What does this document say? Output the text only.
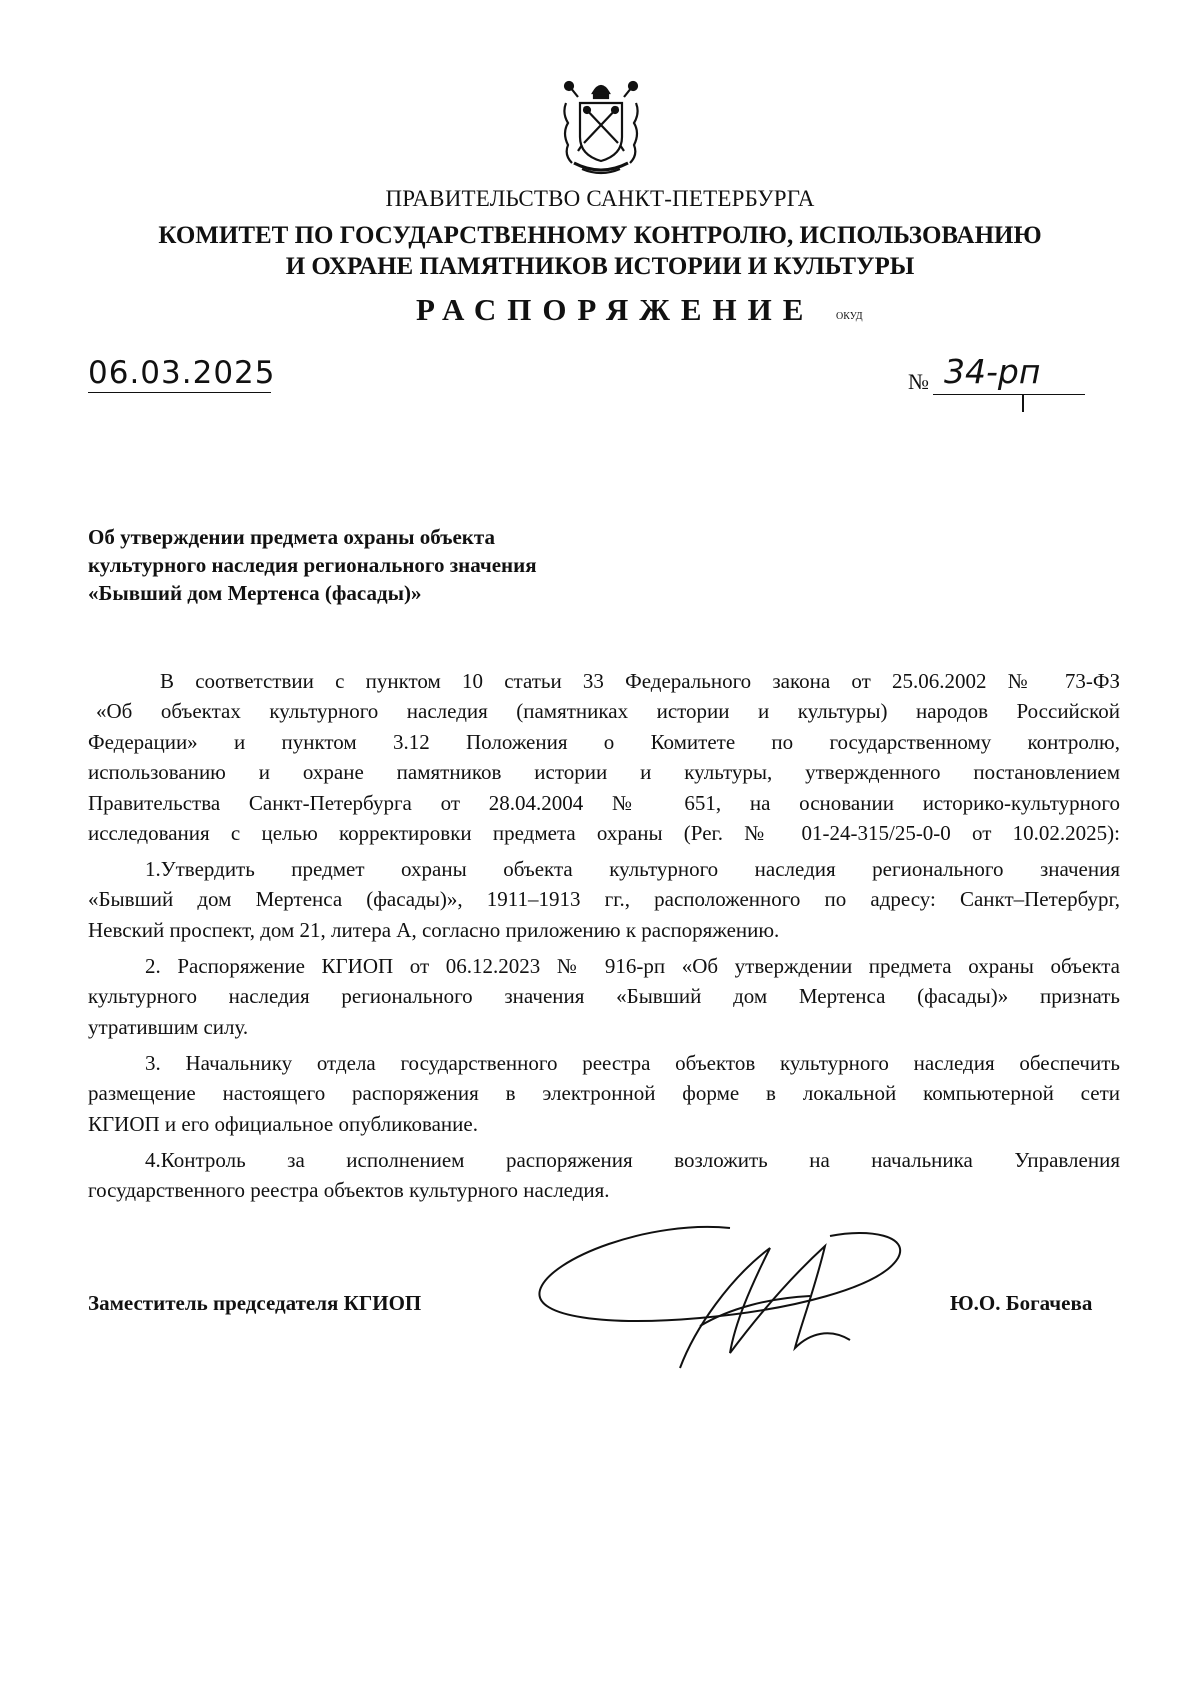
ПРАВИТЕЛЬСТВО САНКТ-ПЕТЕРБУРГА
КОМИТЕТ ПО ГОСУДАРСТВЕННОМУ КОНТРОЛЮ, ИСПОЛЬЗОВАНИЮ
И ОХРАНЕ ПАМЯТНИКОВ ИСТОРИИ И КУЛЬТУРЫ
РАСПОРЯЖЕНИЕ ОКУД
06.03.2025	№ 34-рп
Об утверждении предмета охраны объекта
культурного наследия регионального значения
«Бывший дом Мертенса (фасады)»
В соответствии с пунктом 10 статьи 33 Федерального закона от 25.06.2002 № 73-ФЗ
«Об объектах культурного наследия (памятниках истории и культуры) народов Российской
Федерации» и пунктом 3.12 Положения о Комитете по государственному контролю,
использованию и охране памятников истории и культуры, утвержденного постановлением
Правительства Санкт-Петербурга от 28.04.2004 № 651, на основании историко-культурного
исследования с целью корректировки предмета охраны (Рег. № 01-24-315/25-0-0 от 10.02.2025):
1.Утвердить предмет охраны объекта культурного наследия регионального значения
«Бывший дом Мертенса (фасады)», 1911–1913 гг., расположенного по адресу: Санкт–Петербург,
Невский проспект, дом 21, литера А, согласно приложению к распоряжению.
2. Распоряжение КГИОП от 06.12.2023 № 916-рп «Об утверждении предмета охраны объекта
культурного наследия регионального значения «Бывший дом Мертенса (фасады)» признать
утратившим силу.
3. Начальнику отдела государственного реестра объектов культурного наследия обеспечить
размещение настоящего распоряжения в электронной форме в локальной компьютерной сети
КГИОП и его официальное опубликование.
4.Контроль за исполнением распоряжения возложить на начальника Управления
государственного реестра объектов культурного наследия.
Заместитель председателя КГИОП	Ю.О. Богачева
